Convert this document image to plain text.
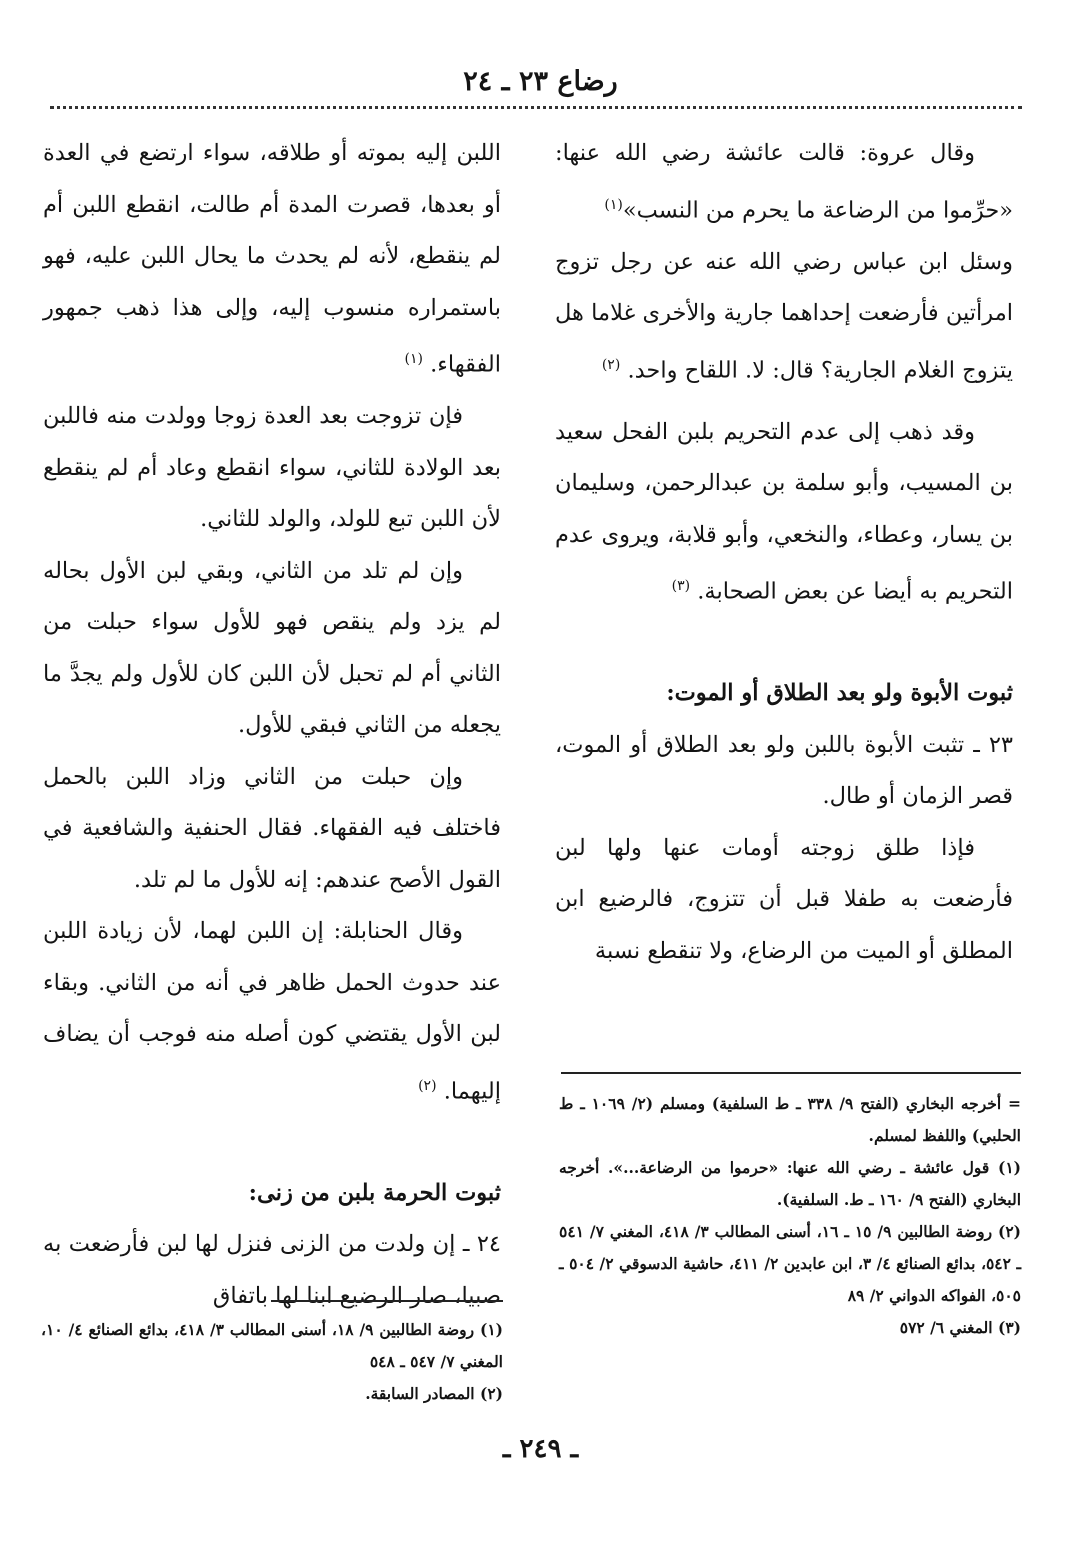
رضاع ٢٣ ـ ٢٤

وقال عروة: قالت عائشة رضي الله عنها: «حرِّموا من الرضاعة ما يحرم من النسب»$^{(١)}$

وسئل ابن عباس رضي الله عنه عن رجل تزوج امرأتين فأرضعت إحداهما جارية والأخرى غلاما هل يتزوج الغلام الجارية؟ قال: لا. اللقاح واحد. $^{(٢)}$

وقد ذهب إلى عدم التحريم بلبن الفحل سعيد بن المسيب، وأبو سلمة بن عبدالرحمن، وسليمان بن يسار، وعطاء، والنخعي، وأبو قلابة، ويروى عدم التحريم به أيضا عن بعض الصحابة. $^{(٣)}$

ثبوت الأبوة ولو بعد الطلاق أو الموت:

٢٣ ـ تثبت الأبوة باللبن ولو بعد الطلاق أو الموت، قصر الزمان أو طال.

فإذا طلق زوجته أومات عنها ولها لبن فأرضعت به طفلا قبل أن تتزوج، فالرضيع ابن المطلق أو الميت من الرضاع، ولا تنقطع نسبة

اللبن إليه بموته أو طلاقه، سواء ارتضع في العدة أو بعدها، قصرت المدة أم طالت، انقطع اللبن أم لم ينقطع، لأنه لم يحدث ما يحال اللبن عليه، فهو باستمراره منسوب إليه، وإلى هذا ذهب جمهور الفقهاء. $^{(١)}$

فإن تزوجت بعد العدة زوجا وولدت منه فاللبن بعد الولادة للثاني، سواء انقطع وعاد أم لم ينقطع لأن اللبن تبع للولد، والولد للثاني.

وإن لم تلد من الثاني، وبقي لبن الأول بحاله لم يزد ولم ينقص فهو للأول سواء حبلت من الثاني أم لم تحبل لأن اللبن كان للأول ولم يجدَّ ما يجعله من الثاني فبقي للأول.

وإن حبلت من الثاني وزاد اللبن بالحمل فاختلف فيه الفقهاء. فقال الحنفية والشافعية في القول الأصح عندهم: إنه للأول ما لم تلد.

وقال الحنابلة: إن اللبن لهما، لأن زيادة اللبن عند حدوث الحمل ظاهر في أنه من الثاني. وبقاء لبن الأول يقتضي كون أصله منه فوجب أن يضاف إليهما. $^{(٢)}$

ثبوت الحرمة بلبن من زنى:

٢٤ ـ إن ولدت من الزنى فنزل لها لبن فأرضعت به صبيا، صار الرضيع ابنا لها باتفاق

= أخرجه البخاري (الفتح ٩/ ٣٣٨ ـ ط السلفية) ومسلم (٢/ ١٠٦٩ ـ ط الحلبي) واللفظ لمسلم.

(١) قول عائشة ـ رضي الله عنها: «حرموا من الرضاعة...». أخرجه البخاري (الفتح ٩/ ١٦٠ ـ ط. السلفية).

(٢) روضة الطالبين ٩/ ١٥ ـ ١٦، أسنى المطالب ٣/ ٤١٨، المغني ٧/ ٥٤١ ـ ٥٤٢، بدائع الصنائع ٤/ ٣، ابن عابدين ٢/ ٤١١، حاشية الدسوقي ٢/ ٥٠٤ ـ ٥٠٥، الفواكه الدواني ٢/ ٨٩

(٣) المغني ٦/ ٥٧٢

(١) روضة الطالبين ٩/ ١٨، أسنى المطالب ٣/ ٤١٨، بدائع الصنائع ٤/ ١٠، المغني ٧/ ٥٤٧ ـ ٥٤٨

(٢) المصادر السابقة.

ـ ٢٤٩ ـ
